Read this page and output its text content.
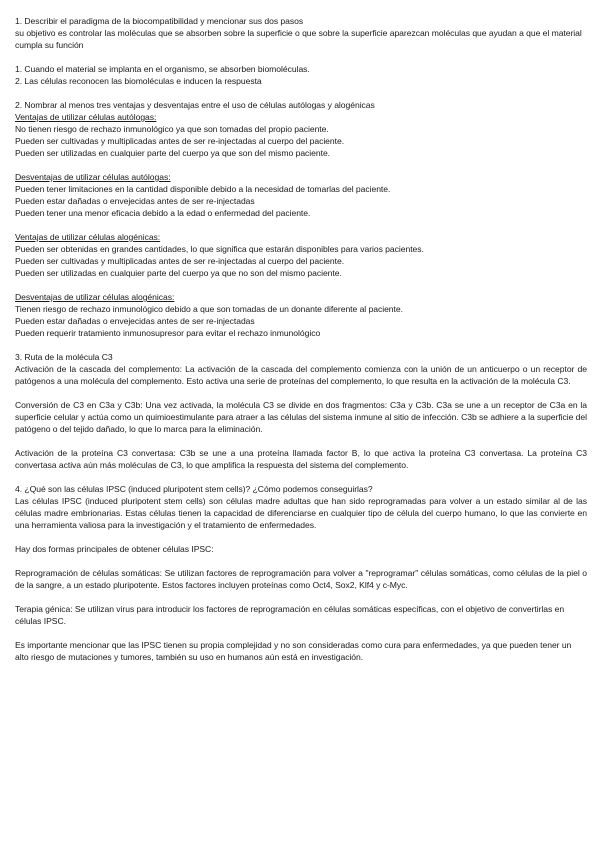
1. Describir el paradigma de la biocompatibilidad y mencionar sus dos pasos

su objetivo es controlar las moléculas que se absorben sobre la superficie o que sobre la superficie aparezcan moléculas que ayudan a que el material cumpla su función

1. Cuando el material se implanta en el organismo, se absorben biomoléculas.

2. Las células reconocen las biomoléculas e inducen la respuesta

2. Nombrar al menos tres ventajas y desventajas entre el uso de células autólogas y alogénicas

Ventajas de utilizar células autólogas:

No tienen riesgo de rechazo inmunológico ya que son tomadas del propio paciente.

Pueden ser cultivadas y multiplicadas antes de ser re-injectadas al cuerpo del paciente.

Pueden ser utilizadas en cualquier parte del cuerpo ya que son del mismo paciente.

Desventajas de utilizar células autólogas:

Pueden tener limitaciones en la cantidad disponible debido a la necesidad de tomarlas del paciente.

Pueden estar dañadas o envejecidas antes de ser re-injectadas

Pueden tener una menor eficacia debido a la edad o enfermedad del paciente.

Ventajas de utilizar células alogénicas:

Pueden ser obtenidas en grandes cantidades, lo que significa que estarán disponibles para varios pacientes.

Pueden ser cultivadas y multiplicadas antes de ser re-injectadas al cuerpo del paciente.

Pueden ser utilizadas en cualquier parte del cuerpo ya que no son del mismo paciente.

Desventajas de utilizar células alogénicas:

Tienen riesgo de rechazo inmunológico debido a que son tomadas de un donante diferente al paciente.

Pueden estar dañadas o envejecidas antes de ser re-injectadas

Pueden requerir tratamiento inmunosupresor para evitar el rechazo inmunológico

3. Ruta de la molécula C3

Activación de la cascada del complemento: La activación de la cascada del complemento comienza con la unión de un anticuerpo o un receptor de patógenos a una molécula del complemento. Esto activa una serie de proteínas del complemento, lo que resulta en la activación de la molécula C3.

Conversión de C3 en C3a y C3b: Una vez activada, la molécula C3 se divide en dos fragmentos: C3a y C3b. C3a se une a un receptor de C3a en la superficie celular y actúa como un quimioestimulante para atraer a las células del sistema inmune al sitio de infección. C3b se adhiere a la superficie del patógeno o del tejido dañado, lo que lo marca para la eliminación.

Activación de la proteína C3 convertasa: C3b se une a una proteína llamada factor B, lo que activa la proteína C3 convertasa. La proteína C3 convertasa activa aún más moléculas de C3, lo que amplifica la respuesta del sistema del complemento.

4. ¿Qué son las células IPSC (induced pluripotent stem cells)? ¿Cómo podemos conseguirlas?

Las células IPSC (induced pluripotent stem cells) son células madre adultas que han sido reprogramadas para volver a un estado similar al de las células madre embrionarias. Estas células tienen la capacidad de diferenciarse en cualquier tipo de célula del cuerpo humano, lo que las convierte en una herramienta valiosa para la investigación y el tratamiento de enfermedades.

Hay dos formas principales de obtener células IPSC:

Reprogramación de células somáticas: Se utilizan factores de reprogramación para volver a "reprogramar" células somáticas, como células de la piel o de la sangre, a un estado pluripotente. Estos factores incluyen proteínas como Oct4, Sox2, Klf4 y c-Myc.

Terapia génica: Se utilizan virus para introducir los factores de reprogramación en células somáticas específicas, con el objetivo de convertirlas en células IPSC.

Es importante mencionar que las IPSC tienen su propia complejidad y no son consideradas como cura para enfermedades, ya que pueden tener un alto riesgo de mutaciones y tumores, también su uso en humanos aún está en investigación.
